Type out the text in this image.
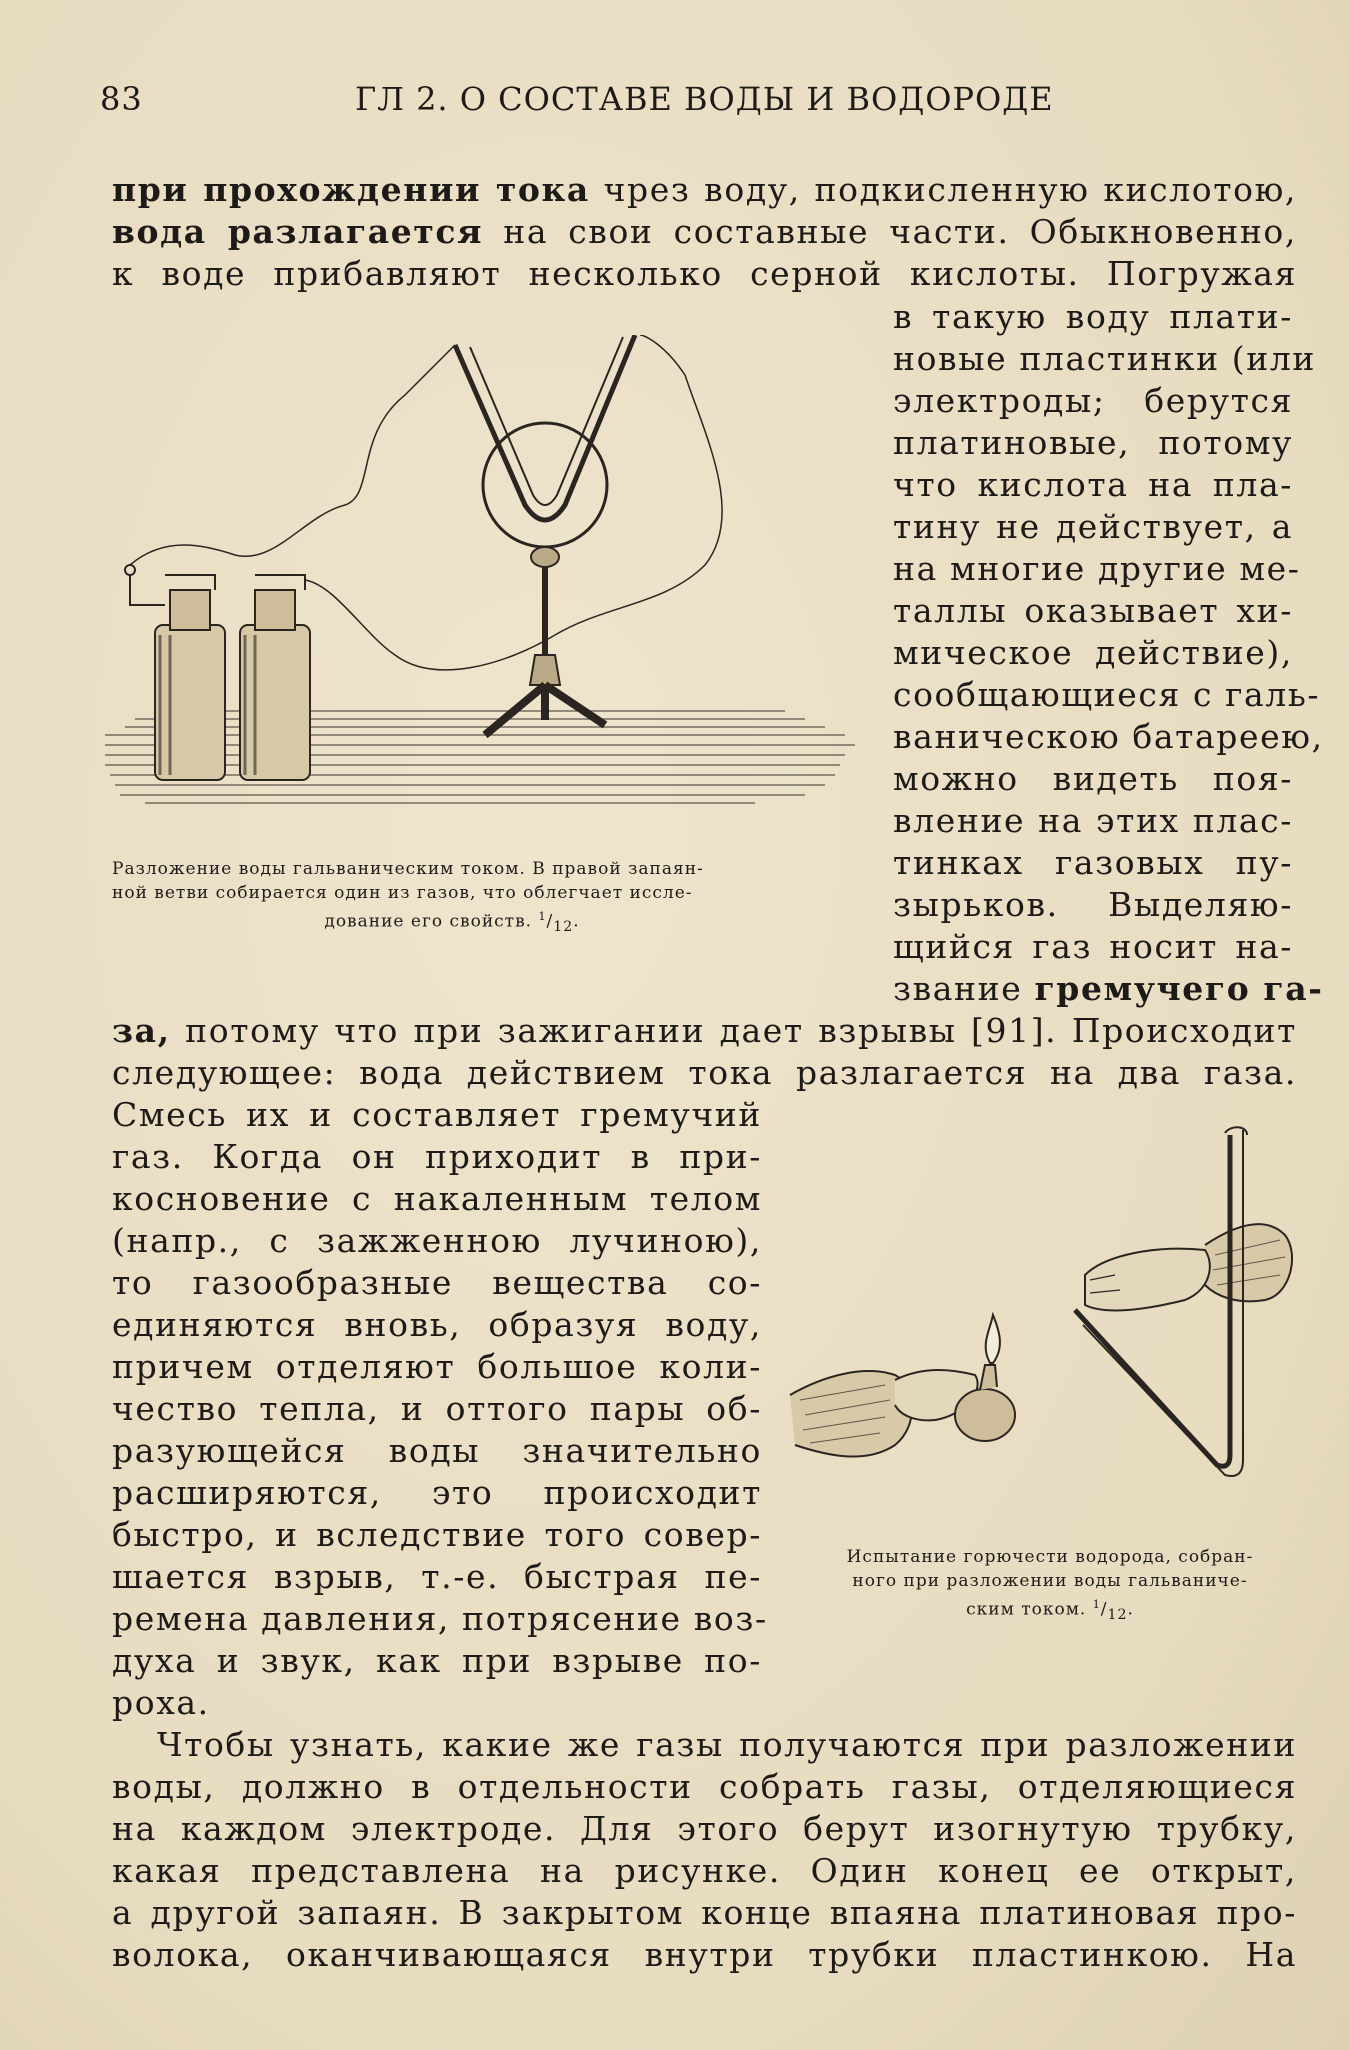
83	ГЛ 2. О СОСТАВЕ ВОДЫ И ВОДОРОДЕ
при прохождении тока чрез воду, подкисленную кислотою,
вода разлагается на свои составные части. Обыкновенно,
к воде прибавляют несколько серной кислоты. Погружая
Разложение воды гальваническим током. В правой запаян-
ной ветви собирается один из газов, что облегчает иссле-
дование его свойств. $^1/_{12}$.
в такую воду плати-
новые пластинки (или
электроды; берутся
платиновые, потому
что кислота на пла-
тину не действует, а
на многие другие ме-
таллы оказывает хи-
мическое действие),
сообщающиеся с галь-
ваническою батареею,
можно видеть поя-
вление на этих плас-
тинках газовых пу-
зырьков. Выделяю-
щийся газ носит на-
звание гремучего га-
за, потому что при зажигании дает взрывы [91]. Происходит
следующее: вода действием тока разлагается на два газа.
Смесь их и составляет гремучий
газ. Когда он приходит в при-
косновение с накаленным телом
(напр., с зажженною лучиною),
то газообразные вещества со-
единяются вновь, образуя воду,
причем отделяют большое коли-
чество тепла, и оттого пары об-
разующейся воды значительно
расширяются, это происходит
быстро, и вследствие того совер-
шается взрыв, т.-е. быстрая пе-
ремена давления, потрясение воз-
духа и звук, как при взрыве по-
роха.
Испытание горючести водорода, собран-
ного при разложении воды гальваниче-
ским током. $^1/_{12}$.
Чтобы узнать, какие же газы получаются при разложении
воды, должно в отдельности собрать газы, отделяющиеся
на каждом электроде. Для этого берут изогнутую трубку,
какая представлена на рисунке. Один конец ее открыт,
а другой запаян. В закрытом конце впаяна платиновая про-
волока, оканчивающаяся внутри трубки пластинкою. На
